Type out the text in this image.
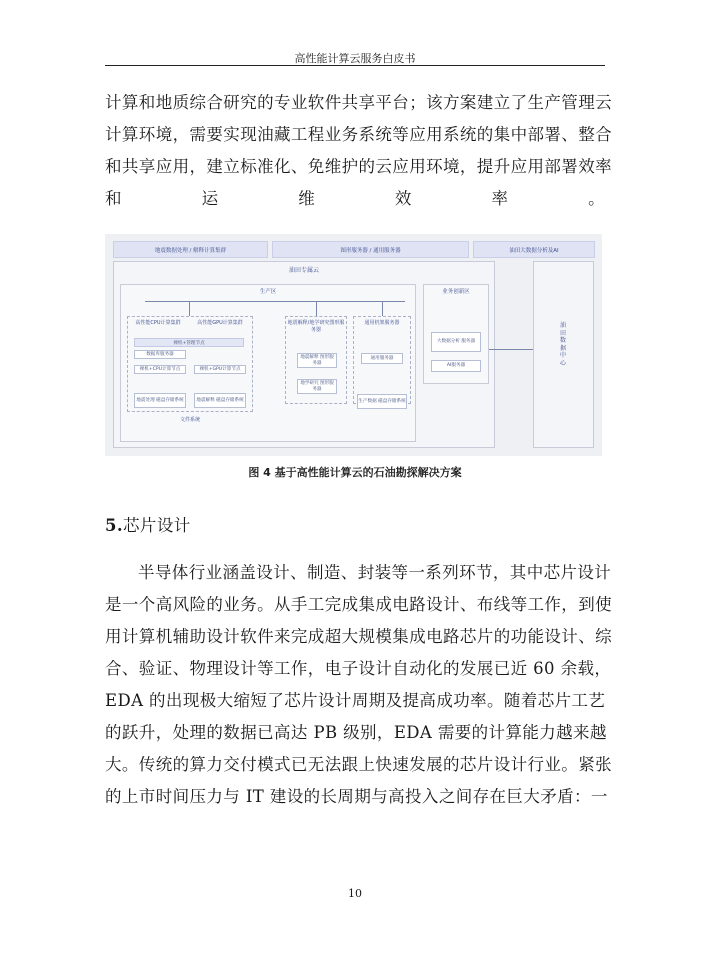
高性能计算云服务白皮书
计算和地质综合研究的专业软件共享平台；该方案建立了生产管理云
计算环境，需要实现油藏工程业务系统等应用系统的集中部署、整合
和共享应用，建立标准化、免维护的云应用环境，提升应用部署效率
和运维效率。
地震数据处理 / 解释计算集群	图形服务器 / 通用服务器	油田大数据分析及AI
油田专属云
生产区	业务创新区
油田数据中心
高性能CPU计算集群	高性能GPU计算集群
裸机+管理节点
数据库服务器
裸机+CPU计算节点	裸机+GPU计算节点
地震处理 磁盘存储系统	地震解释 磁盘存储系统
文件系统
地震解释/地学研究图形服务器
地震解释 图形服务器
地学研究 图形服务器
通用机架服务器
通用服务器
生产数据 磁盘存储系统
大数据分析 服务器
AI服务器
图 4 基于高性能计算云的石油勘探解决方案
5.芯片设计
半导体行业涵盖设计、制造、封装等一系列环节，其中芯片设计
是一个高风险的业务。从手工完成集成电路设计、布线等工作，到使
用计算机辅助设计软件来完成超大规模集成电路芯片的功能设计、综
合、验证、物理设计等工作，电子设计自动化的发展已近 60 余载，
EDA 的出现极大缩短了芯片设计周期及提高成功率。随着芯片工艺
的跃升，处理的数据已高达 PB 级别，EDA 需要的计算能力越来越
大。传统的算力交付模式已无法跟上快速发展的芯片设计行业。紧张
的上市时间压力与 IT 建设的长周期与高投入之间存在巨大矛盾：一
10
